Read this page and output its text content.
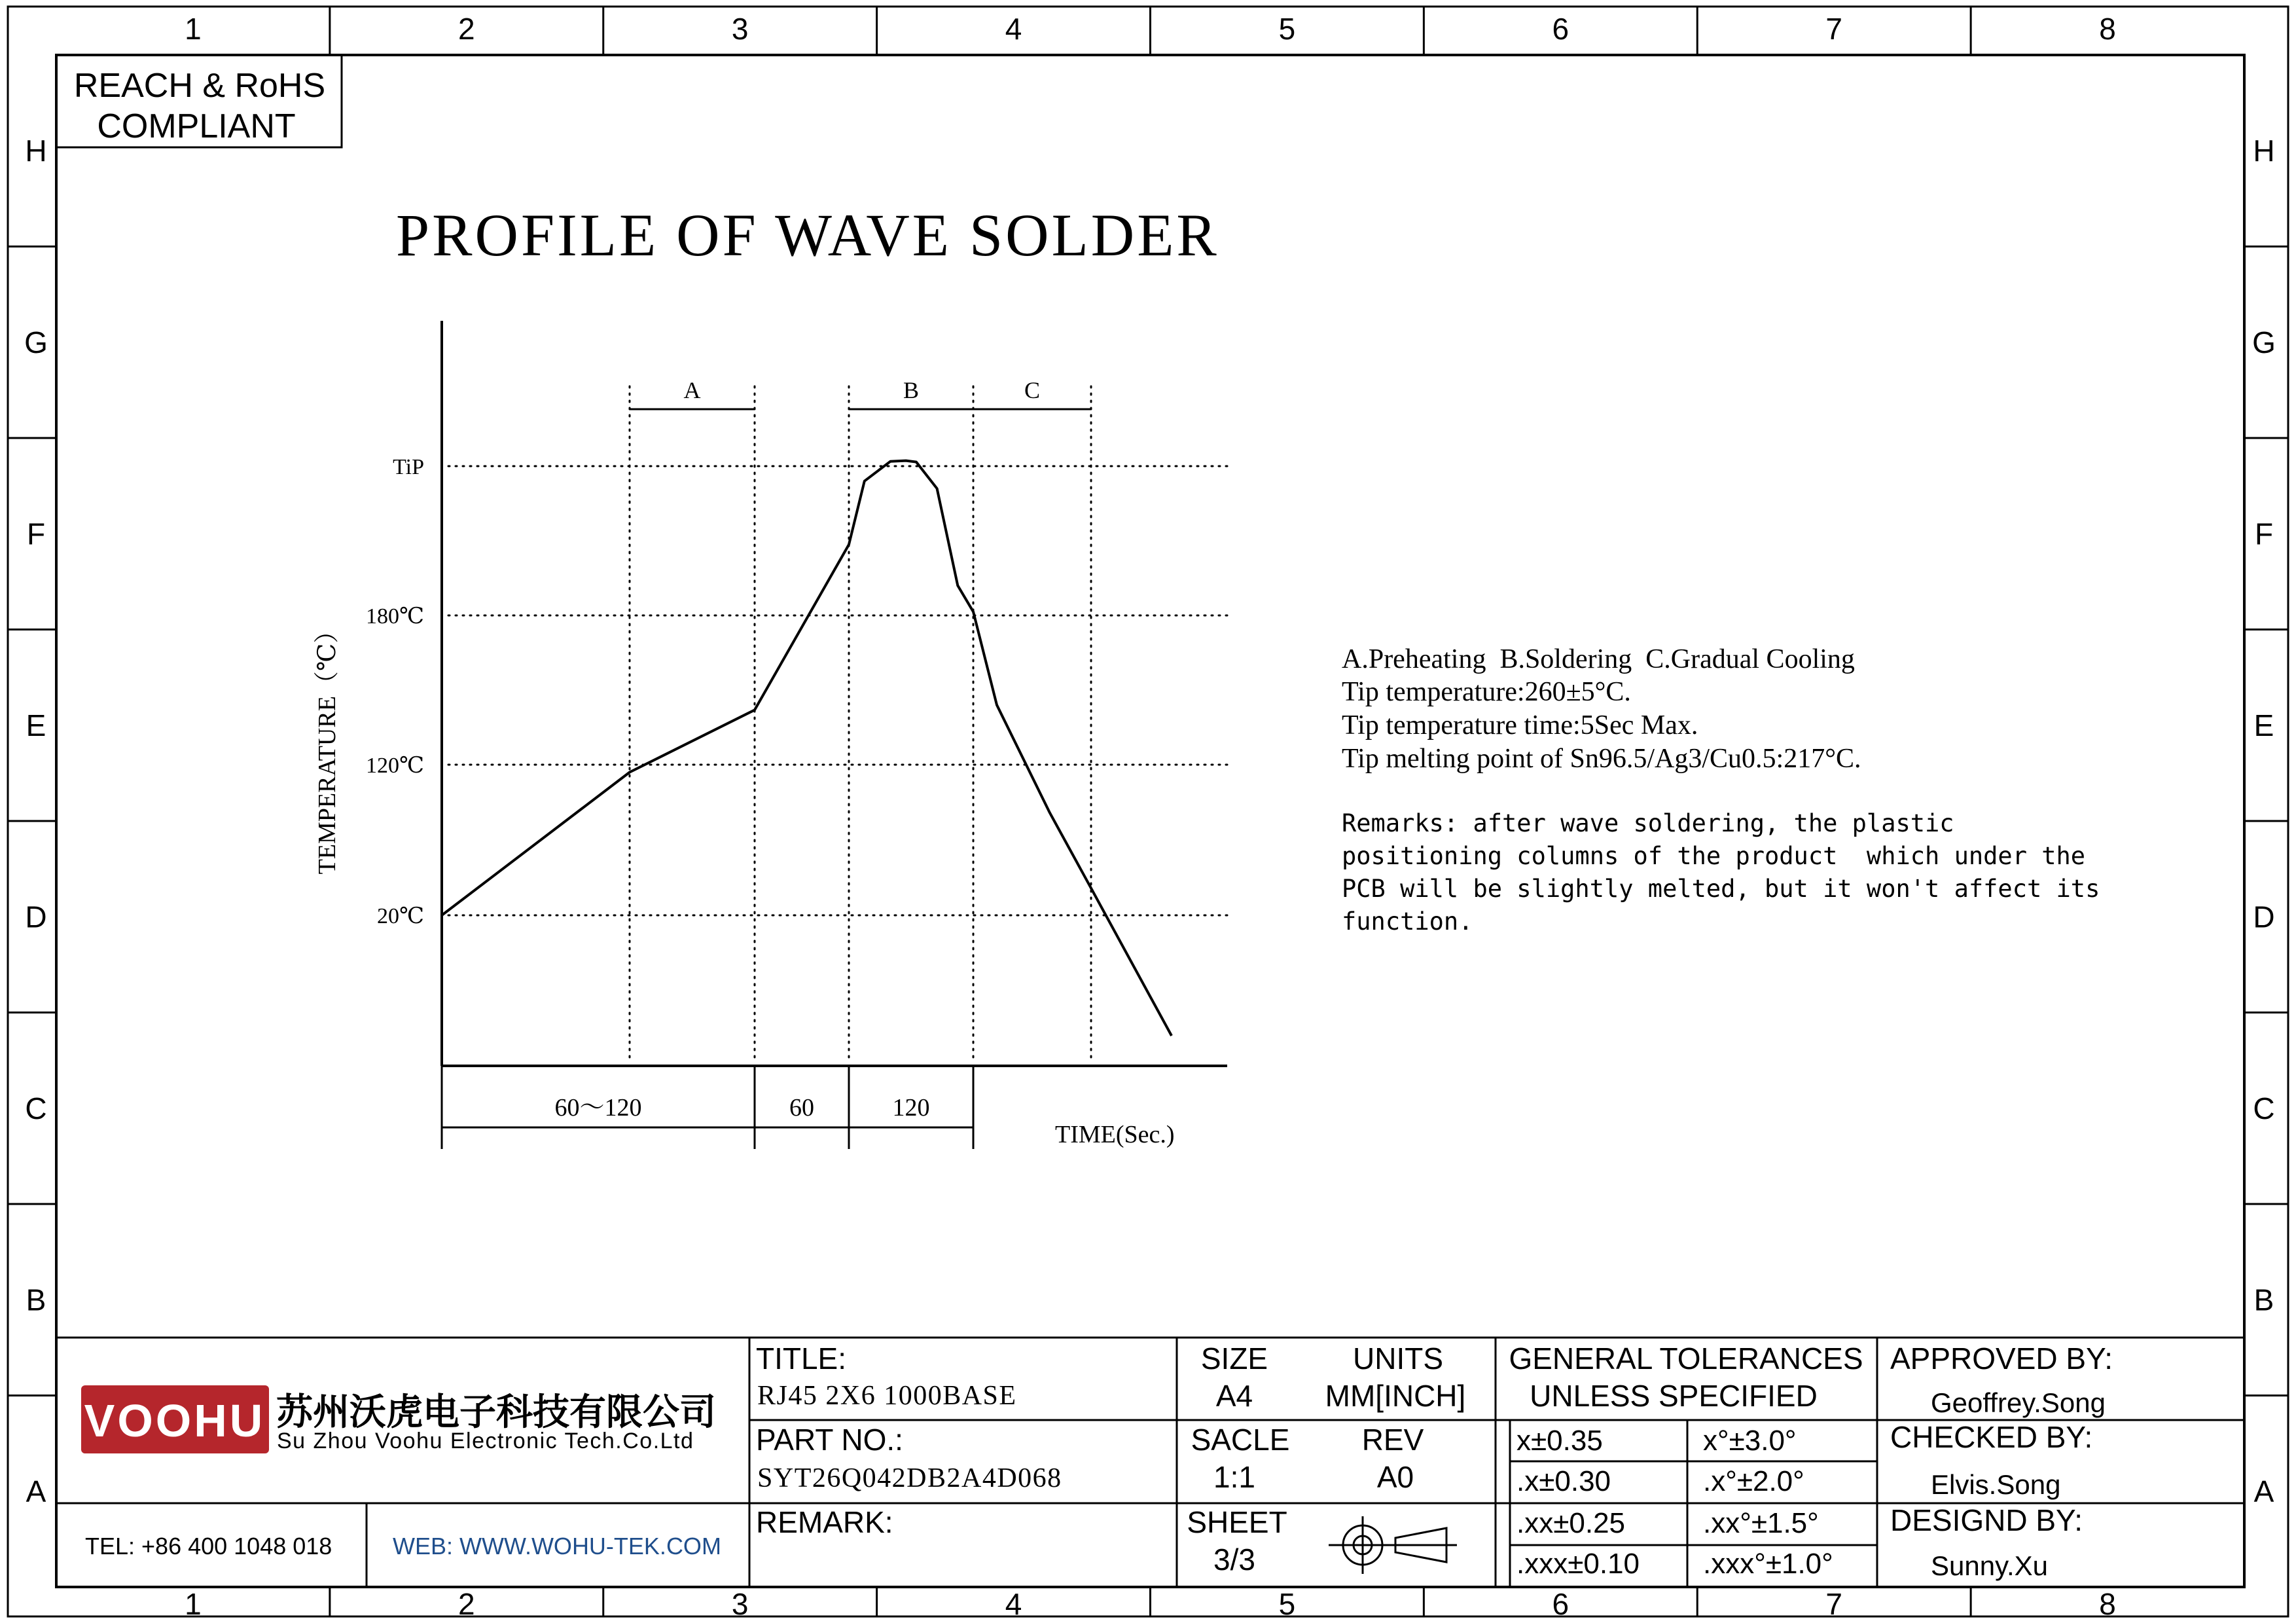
1
1
2
2
3
3
4
4
5
5
6
6
7
7
8
8
H	H
G	G
F	F
E	E
D	D
C	C
B	B
A	A
REACH & RoHS
COMPLIANT
PROFILE OF WAVE SOLDER
20℃
120℃
180℃
TiP
TEMPERATURE（℃）
A	B	C
60～120	60	120
TIME(Sec.)
A.Preheating  B.Soldering  C.Gradual Cooling
Tip temperature:260±5°C.
Tip temperature time:5Sec Max.
Tip melting point of Sn96.5/Ag3/Cu0.5:217°C.
Remarks: after wave soldering, the plastic
positioning columns of the product  which under the
PCB will be slightly melted, but it won't affect its
function.
VOOHU 苏州沃虎电子科技有限公司
Su Zhou Voohu Electronic Tech.Co.Ltd
TEL: +86 400 1048 018	WEB: WWW.WOHU-TEK.COM
TITLE:
RJ45 2X6 1000BASE
PART NO.:
SYT26Q042DB2A4D068
REMARK:
SIZE
A4
UNITS
MM[INCH]
SACLE
1:1
REV
A0
SHEET
3/3
GENERAL TOLERANCES
UNLESS SPECIFIED
x±0.35	x°±3.0°
.x±0.30	.x°±2.0°
.xx±0.25	.xx°±1.5°
.xxx±0.10 .xxx°±1.0°
APPROVED BY:
Geoffrey.Song
CHECKED BY:
Elvis.Song
DESIGND BY:
Sunny.Xu
